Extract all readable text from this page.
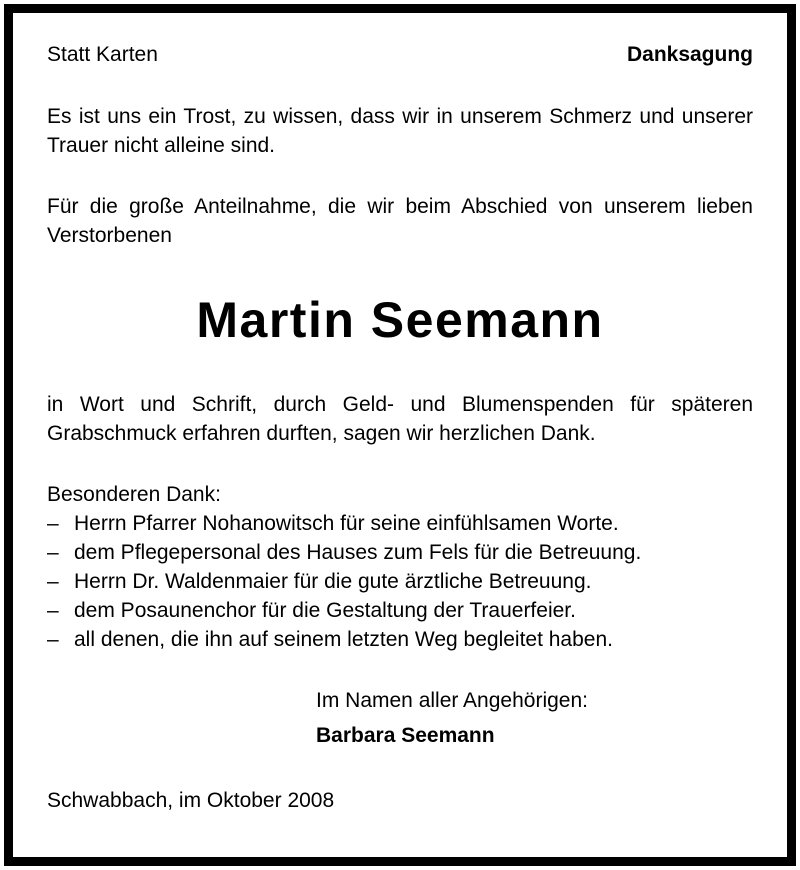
Statt Karten	Danksagung

Es ist uns ein Trost, zu wissen, dass wir in unserem Schmerz und unserer Trauer nicht alleine sind.

Für die große Anteilnahme, die wir beim Abschied von unserem lieben Verstorbenen

Martin Seemann

in Wort und Schrift, durch Geld- und Blumenspenden für späteren Grabschmuck erfahren durften, sagen wir herzlichen Dank.

Besonderen Dank:

– Herrn Pfarrer Nohanowitsch für seine einfühlsamen Worte.
– dem Pflegepersonal des Hauses zum Fels für die Betreuung.
– Herrn Dr. Waldenmaier für die gute ärztliche Betreuung.
– dem Posaunenchor für die Gestaltung der Trauerfeier.
– all denen, die ihn auf seinem letzten Weg begleitet haben.
Im Namen aller Angehörigen:
Barbara Seemann
Schwabbach, im Oktober 2008
